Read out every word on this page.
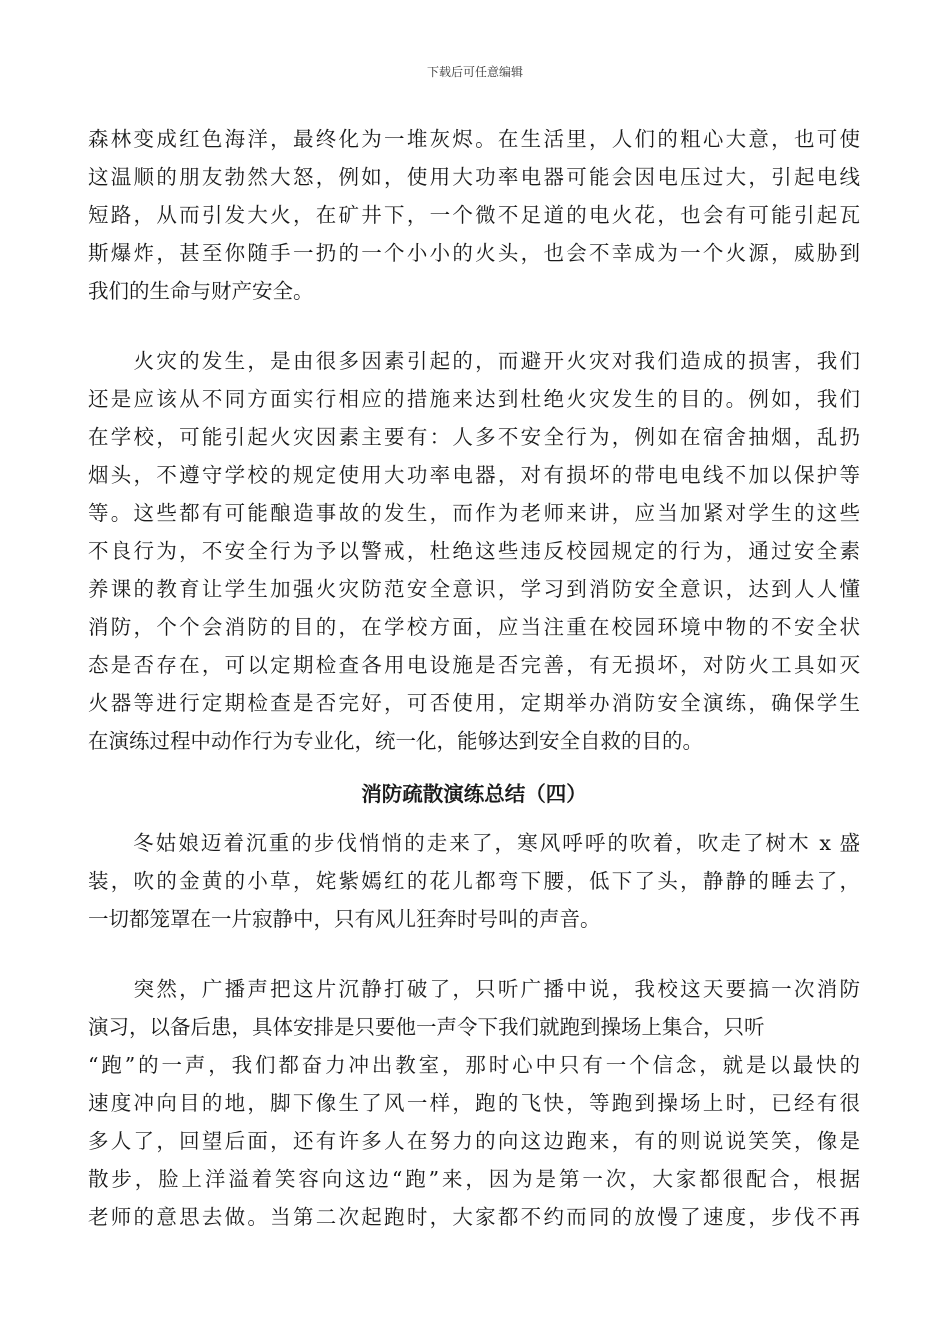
下载后可任意编辑
森林变成红色海洋，最终化为一堆灰烬。在生活里，人们的粗心大意，也可使
这温顺的朋友勃然大怒，例如，使用大功率电器可能会因电压过大，引起电线
短路，从而引发大火，在矿井下，一个微不足道的电火花，也会有可能引起瓦
斯爆炸，甚至你随手一扔的一个小小的火头，也会不幸成为一个火源，威胁到
我们的生命与财产安全。
　　火灾的发生，是由很多因素引起的，而避开火灾对我们造成的损害，我们
还是应该从不同方面实行相应的措施来达到杜绝火灾发生的目的。例如，我们
在学校，可能引起火灾因素主要有：人多不安全行为，例如在宿舍抽烟，乱扔
烟头，不遵守学校的规定使用大功率电器，对有损坏的带电电线不加以保护等
等。这些都有可能酿造事故的发生，而作为老师来讲，应当加紧对学生的这些
不良行为，不安全行为予以警戒，杜绝这些违反校园规定的行为，通过安全素
养课的教育让学生加强火灾防范安全意识，学习到消防安全意识，达到人人懂
消防，个个会消防的目的，在学校方面，应当注重在校园环境中物的不安全状
态是否存在，可以定期检查各用电设施是否完善，有无损坏，对防火工具如灭
火器等进行定期检查是否完好，可否使用，定期举办消防安全演练，确保学生
在演练过程中动作行为专业化，统一化，能够达到安全自救的目的。
消防疏散演练总结（四）
　　冬姑娘迈着沉重的步伐悄悄的走来了，寒风呼呼的吹着，吹走了树木 x 盛
装，吹的金黄的小草，姹紫嫣红的花儿都弯下腰，低下了头，静静的睡去了，
一切都笼罩在一片寂静中，只有风儿狂奔时号叫的声音。
　　突然，广播声把这片沉静打破了，只听广播中说，我校这天要搞一次消防
演习，以备后患，具体安排是只要他一声令下我们就跑到操场上集合，只听
“跑”的一声，我们都奋力冲出教室，那时心中只有一个信念，就是以最快的
速度冲向目的地，脚下像生了风一样，跑的飞快，等跑到操场上时，已经有很
多人了，回望后面，还有许多人在努力的向这边跑来，有的则说说笑笑，像是
散步，脸上洋溢着笑容向这边“跑”来，因为是第一次，大家都很配合，根据
老师的意思去做。当第二次起跑时，大家都不约而同的放慢了速度，步伐不再
